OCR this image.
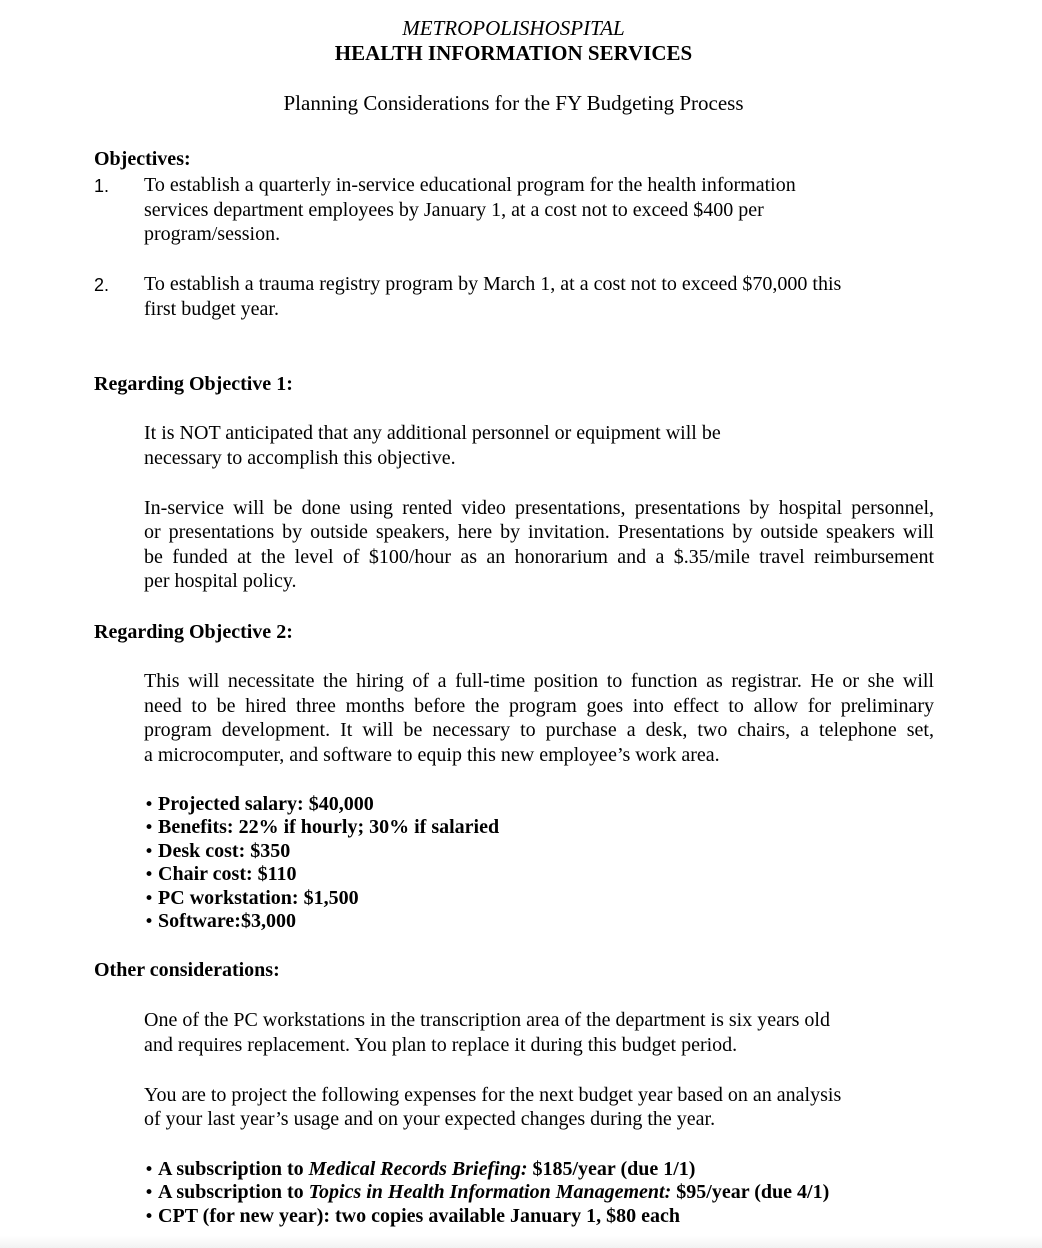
METROPOLISHOSPITAL
HEALTH INFORMATION SERVICES
Planning Considerations for the FY Budgeting Process
Objectives:
1. To establish a quarterly in-service educational program for the health information
services department employees by January 1, at a cost not to exceed $400 per
program/session.
2. To establish a trauma registry program by March 1, at a cost not to exceed $70,000 this
first budget year.
Regarding Objective 1:
It is NOT anticipated that any additional personnel or equipment will be
necessary to accomplish this objective.
In-service will be done using rented video presentations, presentations by hospital personnel,
or presentations by outside speakers, here by invitation. Presentations by outside speakers will
be funded at the level of $100/hour as an honorarium and a $.35/mile travel reimbursement
per hospital policy.
Regarding Objective 2:
This will necessitate the hiring of a full-time position to function as registrar. He or she will
need to be hired three months before the program goes into effect to allow for preliminary
program development. It will be necessary to purchase a desk, two chairs, a telephone set,
a microcomputer, and software to equip this new employee’s work area.
• Projected salary: $40,000
• Benefits: 22% if hourly; 30% if salaried
• Desk cost: $350
• Chair cost: $110
• PC workstation: $1,500
• Software:$3,000
Other considerations:
One of the PC workstations in the transcription area of the department is six years old
and requires replacement. You plan to replace it during this budget period.
You are to project the following expenses for the next budget year based on an analysis
of your last year’s usage and on your expected changes during the year.
• A subscription to Medical Records Briefing: $185/year (due 1/1)
• A subscription to Topics in Health Information Management: $95/year (due 4/1)
• CPT (for new year): two copies available January 1, $80 each
